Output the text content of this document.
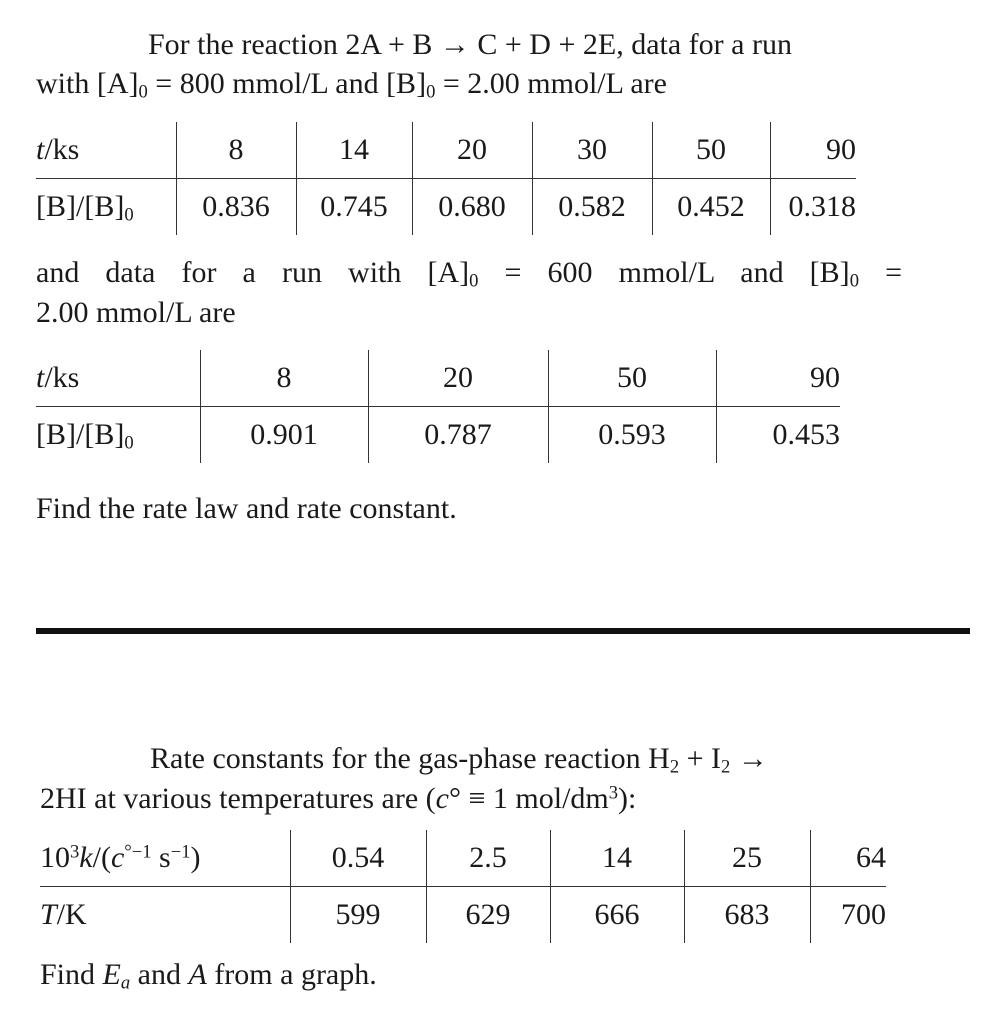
For the reaction 2A + B → C + D + 2E, data for a run
with $[A]_0 = 800$ mmol/L and $[B]_0 = 2.00$ mmol/L are
t/ks	8	14	20	30	50	90
$[B]/[B]_0$	0.836	0.745	0.680	0.582	0.452	0.318
and data for a run with $[A]_0 = 600$ mmol/L and $[B]_0$ =
2.00 mmol/L are
t/ks	8	20	50	90
$[B]/[B]_0$	0.901	0.787	0.593	0.453
Find the rate law and rate constant.
Rate constants for the gas-phase reaction $H_2 + I_2$ →
2HI at various temperatures are (c° ≡ 1 mol/$dm^3$):
$10^3k/(c^{^\circ-1}$ $s^{-1}$)	0.54	2.5	14	25	64
T/K	599	629	666	683	700
Find $E_a$ and A from a graph.
